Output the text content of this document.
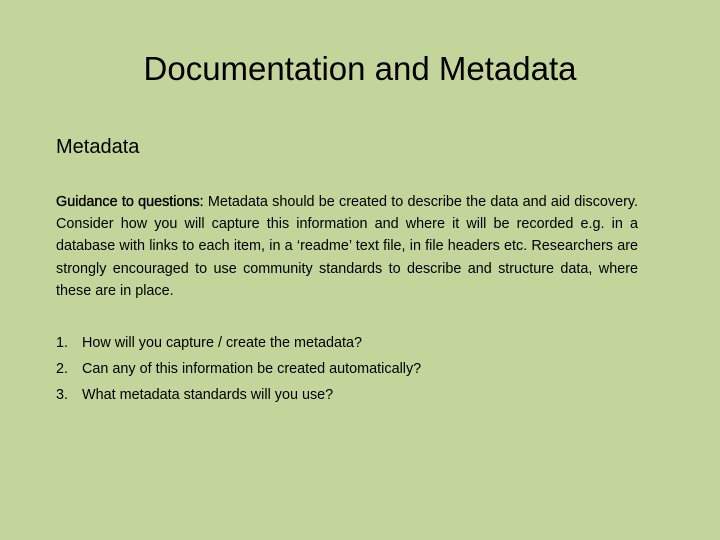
Documentation and Metadata
Metadata

Guidance to questions: Metadata should be created to describe the data and aid discovery. Consider how you will capture this information and where it will be recorded e.g. in a database with links to each item, in a ‘readme’ text file, in file headers etc. Researchers are strongly encouraged to use community standards to describe and structure data, where these are in place.

1. How will you capture / create the metadata?
2. Can any of this information be created automatically?
3. What metadata standards will you use?
